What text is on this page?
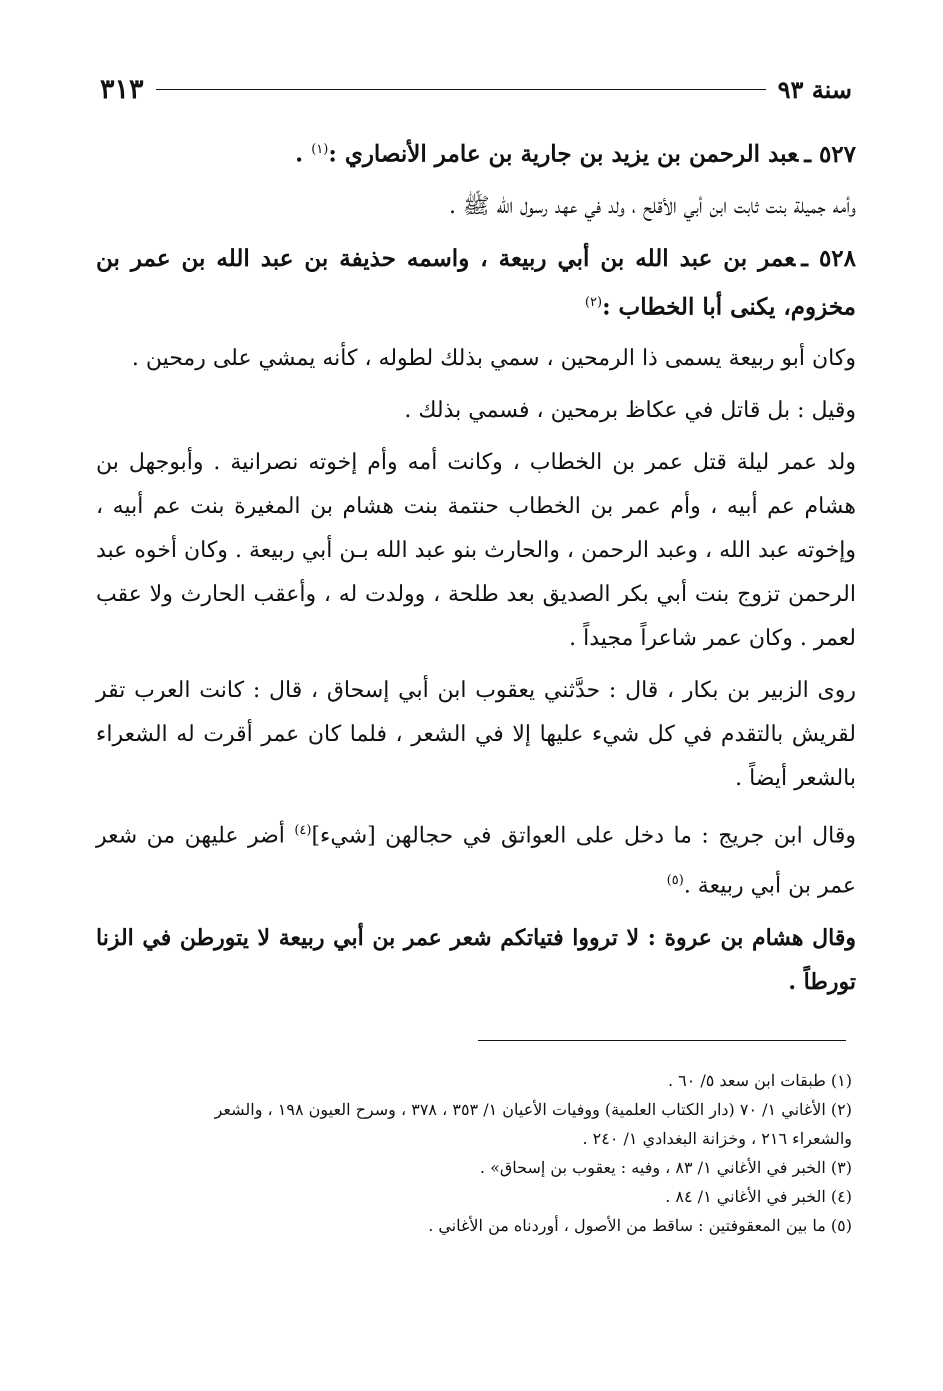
سنة ٩٣
٣١٣

٥٢٧ ـعبد الرحمن بن يزيد بن جارية بن عامر الأنصاري :$^{(١)}$ .

وأمه جميلة بنت ثابت ابن أبي الأقلح ، ولد في عهد رسول الله ﷺ .

٥٢٨ ـعمر بن عبد الله بن أبي ربيعة ، واسمه حذيفة بن عبد الله بن عمر بن مخزوم، يكنى أبا الخطاب :$^{(٢)}$

وكان أبو ربيعة يسمى ذا الرمحين ، سمي بذلك لطوله ، كأنه يمشي على رمحين .

وقيل : بل قاتل في عكاظ برمحين ، فسمي بذلك .

ولد عمر ليلة قتل عمر بن الخطاب ، وكانت أمه وأم إخوته نصرانية . وأبوجهل بن هشام عم أبيه ، وأم عمر بن الخطاب حنتمة بنت هشام بن المغيرة بنت عم أبيه ، وإخوته عبد الله ، وعبد الرحمن ، والحارث بنو عبد الله بـن أبي ربيعة . وكان أخوه عبد الرحمن تزوج بنت أبي بكر الصديق بعد طلحة ، وولدت له ، وأعقب الحارث ولا عقب لعمر . وكان عمر شاعراً مجيداً .

روى الزبير بن بكار ، قال : حدَّثني يعقوب ابن أبي إسحاق ، قال : كانت العرب تقر لقريش بالتقدم في كل شيء عليها إلا في الشعر ، فلما كان عمر أقرت له الشعراء بالشعر أيضاً .

وقال ابن جريج : ما دخل على العواتق في حجالهن [شيء]$^{(٤)}$ أضر عليهن من شعر عمر بن أبي ربيعة .$^{(٥)}$

وقال هشام بن عروة : لا ترووا فتياتكم شعر عمر بن أبي ربيعة لا يتورطن في الزنا تورطاً .

(١) طبقات ابن سعد ٥/ ٦٠ .

(٢) الأغاني ١/ ٧٠ (دار الكتاب العلمية) ووفيات الأعيان ١/ ٣٥٣ ، ٣٧٨ ، وسرح العيون ١٩٨ ، والشعر

والشعراء ٢١٦ ، وخزانة البغدادي ١/ ٢٤٠ .

(٣) الخبر في الأغاني ١/ ٨٣ ، وفيه : يعقوب بن إسحاق» .

(٤) الخبر في الأغاني ١/ ٨٤ .

(٥) ما بين المعقوفتين : ساقط من الأصول ، أوردناه من الأغاني .
